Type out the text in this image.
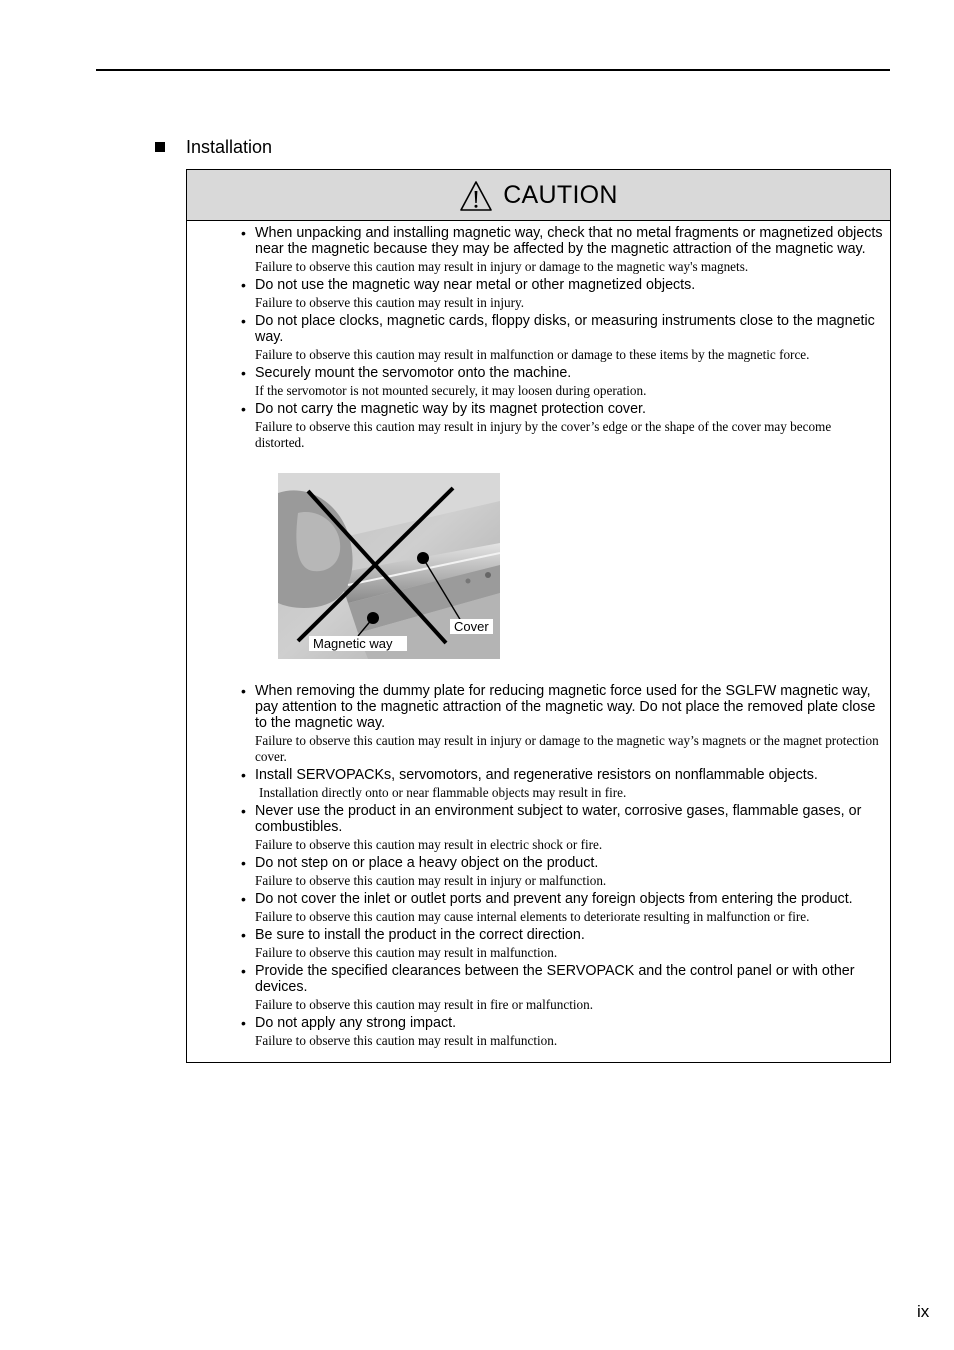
Installation
CAUTION
• When unpacking and installing magnetic way, check that no metal fragments or magnetized objects near the magnetic because they may be affected by the magnetic attraction of the magnetic way.
Failure to observe this caution may result in injury or damage to the magnetic way's magnets.
• Do not use the magnetic way near metal or other magnetized objects.
Failure to observe this caution may result in injury.
• Do not place clocks, magnetic cards, floppy disks, or measuring instruments close to the magnetic way.
Failure to observe this caution may result in malfunction or damage to these items by the magnetic force.
• Securely mount the servomotor onto the machine.
If the servomotor is not mounted securely, it may loosen during operation.
• Do not carry the magnetic way by its magnet protection cover.
Failure to observe this caution may result in injury by the cover’s edge or the shape of the cover may become distorted.
Cover
Magnetic way
• When removing the dummy plate for reducing magnetic force used for the SGLFW magnetic way, pay attention to the magnetic attraction of the magnetic way. Do not place the removed plate close to the magnetic way.
Failure to observe this caution may result in injury or damage to the magnetic way’s magnets or the magnet protection cover.
• Install SERVOPACKs, servomotors, and regenerative resistors on nonflammable objects.
Installation directly onto or near flammable objects may result in fire.
• Never use the product in an environment subject to water, corrosive gases, flammable gases, or combustibles.
Failure to observe this caution may result in electric shock or fire.
• Do not step on or place a heavy object on the product.
Failure to observe this caution may result in injury or malfunction.
• Do not cover the inlet or outlet ports and prevent any foreign objects from entering the product.
Failure to observe this caution may cause internal elements to deteriorate resulting in malfunction or fire.
• Be sure to install the product in the correct direction.
Failure to observe this caution may result in malfunction.
• Provide the specified clearances between the SERVOPACK and the control panel or with other devices.
Failure to observe this caution may result in fire or malfunction.
• Do not apply any strong impact.
Failure to observe this caution may result in malfunction.
ix
